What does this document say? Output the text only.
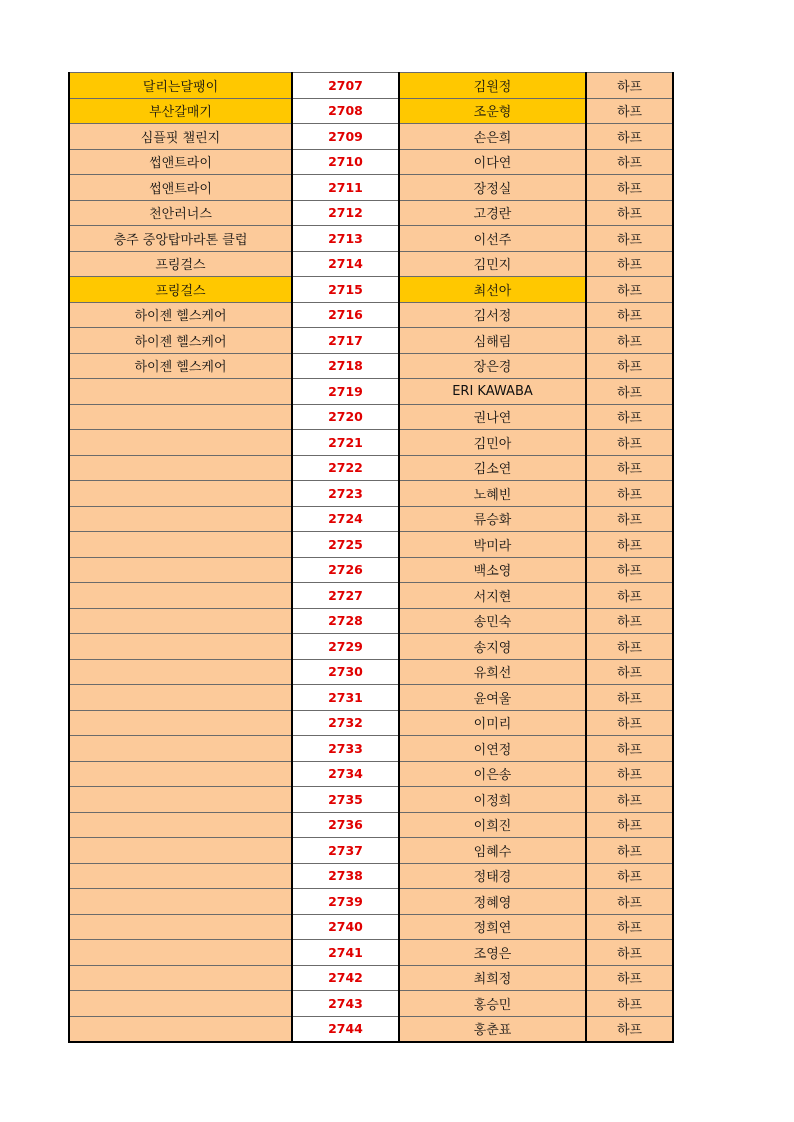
달리는달팽이	2707	김원정	하프
부산갈매기	2708	조운형	하프
심플핏 챌린지	2709	손은희	하프
썹앤트라이	2710	이다연	하프
썹앤트라이	2711	장정실	하프
천안러너스	2712	고경란	하프
충주 중앙탑마라톤 클럽	2713	이선주	하프
프링걸스	2714	김민지	하프
프링걸스	2715	최선아	하프
하이젠 헬스케어	2716	김서정	하프
하이젠 헬스케어	2717	심해림	하프
하이젠 헬스케어	2718	장은경	하프
	2719	ERI KAWABA	하프
	2720	권나연	하프
	2721	김민아	하프
	2722	김소연	하프
	2723	노혜빈	하프
	2724	류승화	하프
	2725	박미라	하프
	2726	백소영	하프
	2727	서지현	하프
	2728	송민숙	하프
	2729	송지영	하프
	2730	유희선	하프
	2731	윤여울	하프
	2732	이미리	하프
	2733	이연정	하프
	2734	이은송	하프
	2735	이정희	하프
	2736	이희진	하프
	2737	임혜수	하프
	2738	정태경	하프
	2739	정혜영	하프
	2740	정희연	하프
	2741	조영은	하프
	2742	최희정	하프
	2743	홍승민	하프
	2744	홍춘표	하프
